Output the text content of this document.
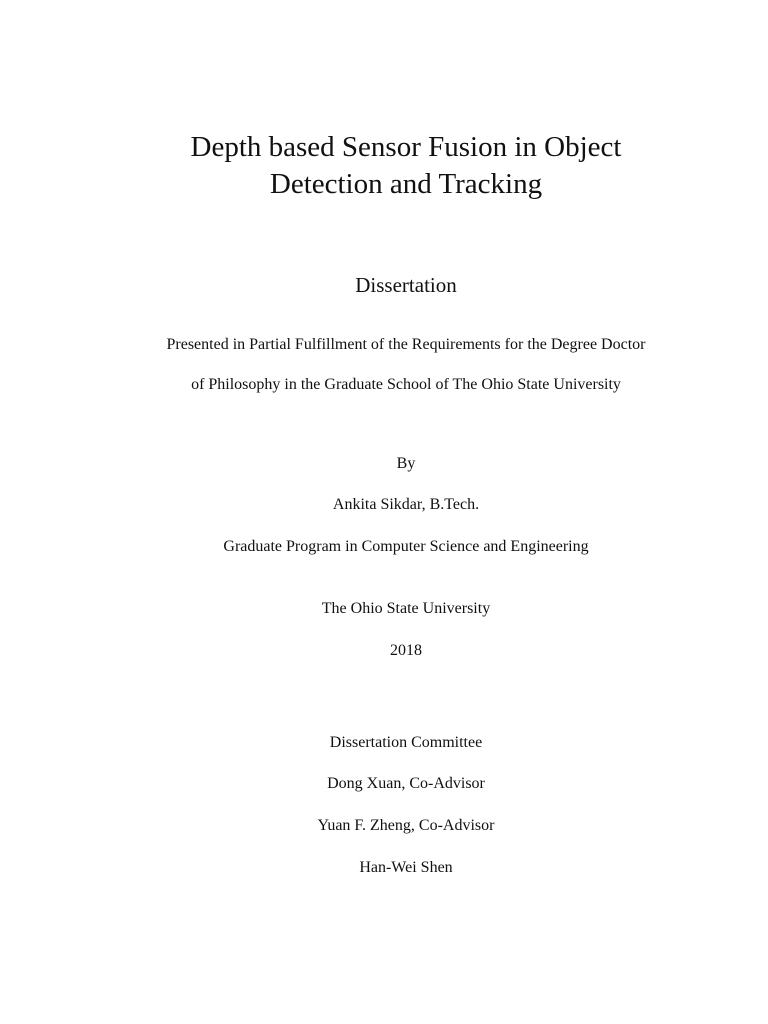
Depth based Sensor Fusion in Object
Detection and Tracking
Dissertation
Presented in Partial Fulfillment of the Requirements for the Degree Doctor
of Philosophy in the Graduate School of The Ohio State University
By
Ankita Sikdar, B.Tech.
Graduate Program in Computer Science and Engineering
The Ohio State University
2018
Dissertation Committee
Dong Xuan, Co-Advisor
Yuan F. Zheng, Co-Advisor
Han-Wei Shen
